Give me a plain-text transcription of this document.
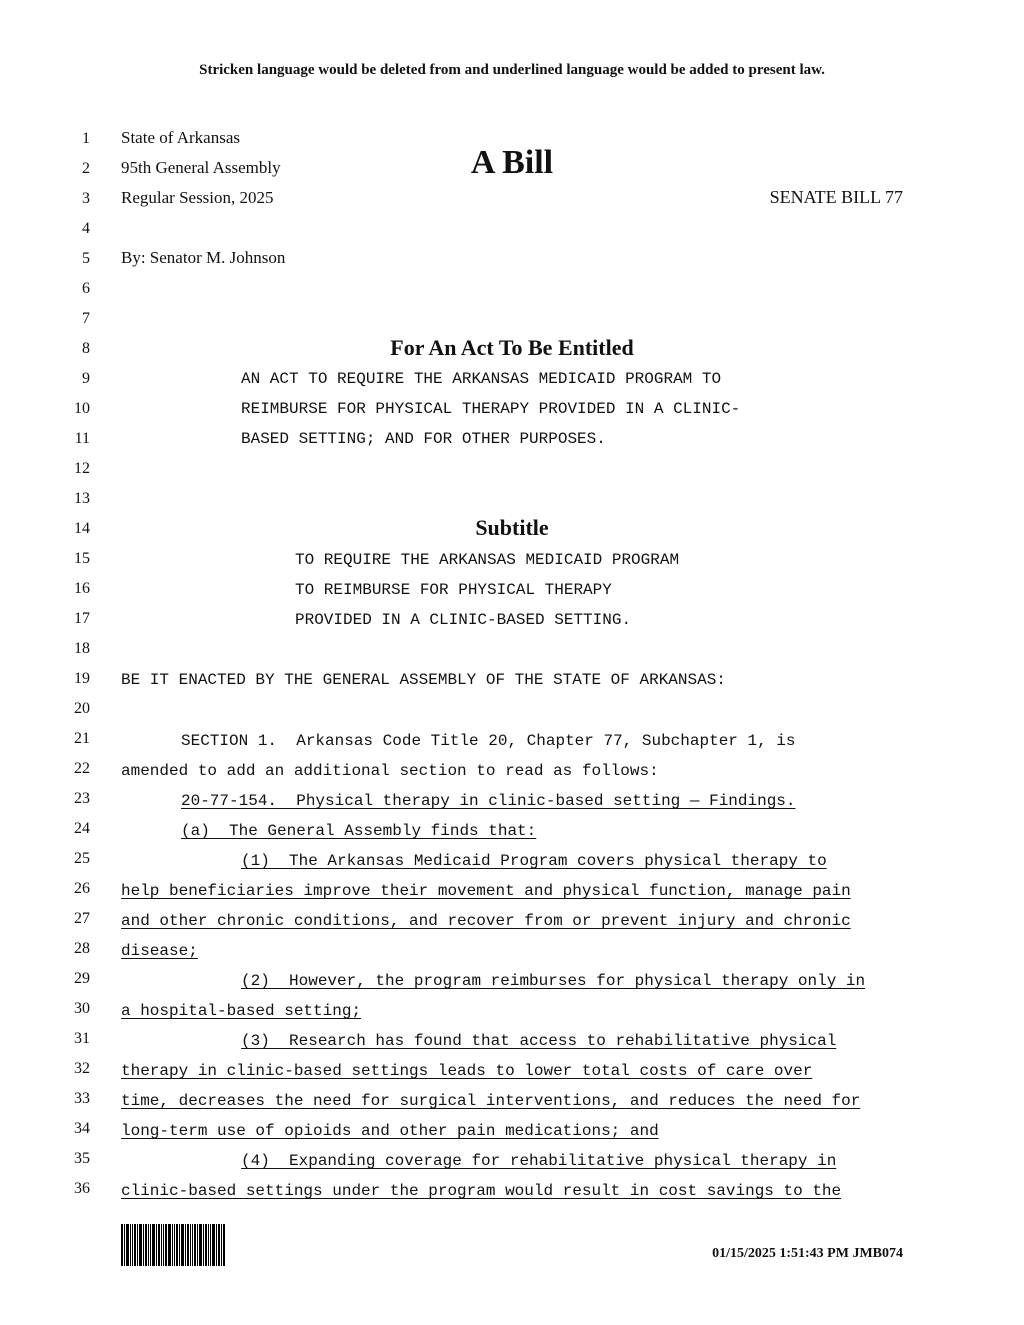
Stricken language would be deleted from and underlined language would be added to present law.
1
2
3
4
5
6
7
8
9
10
11
12
13
14
15
16
17
18
19
20
21
22
23
24
25
26
27
28
29
30
31
32
33
34
35
36
State of Arkansas
95th General Assembly
Regular Session, 2025
A Bill
SENATE BILL 77
By: Senator M. Johnson
For An Act To Be Entitled
AN ACT TO REQUIRE THE ARKANSAS MEDICAID PROGRAM TO
REIMBURSE FOR PHYSICAL THERAPY PROVIDED IN A CLINIC-
BASED SETTING; AND FOR OTHER PURPOSES.
Subtitle
TO REQUIRE THE ARKANSAS MEDICAID PROGRAM
TO REIMBURSE FOR PHYSICAL THERAPY
PROVIDED IN A CLINIC-BASED SETTING.
BE IT ENACTED BY THE GENERAL ASSEMBLY OF THE STATE OF ARKANSAS:
SECTION 1.  Arkansas Code Title 20, Chapter 77, Subchapter 1, is
amended to add an additional section to read as follows:
20-77-154.  Physical therapy in clinic-based setting — Findings.
(a)  The General Assembly finds that:
(1)  The Arkansas Medicaid Program covers physical therapy to
help beneficiaries improve their movement and physical function, manage pain
and other chronic conditions, and recover from or prevent injury and chronic
disease;
(2)  However, the program reimburses for physical therapy only in
a hospital-based setting;
(3)  Research has found that access to rehabilitative physical
therapy in clinic-based settings leads to lower total costs of care over
time, decreases the need for surgical interventions, and reduces the need for
long-term use of opioids and other pain medications; and
(4)  Expanding coverage for rehabilitative physical therapy in
clinic-based settings under the program would result in cost savings to the
01/15/2025 1:51:43 PM JMB074
